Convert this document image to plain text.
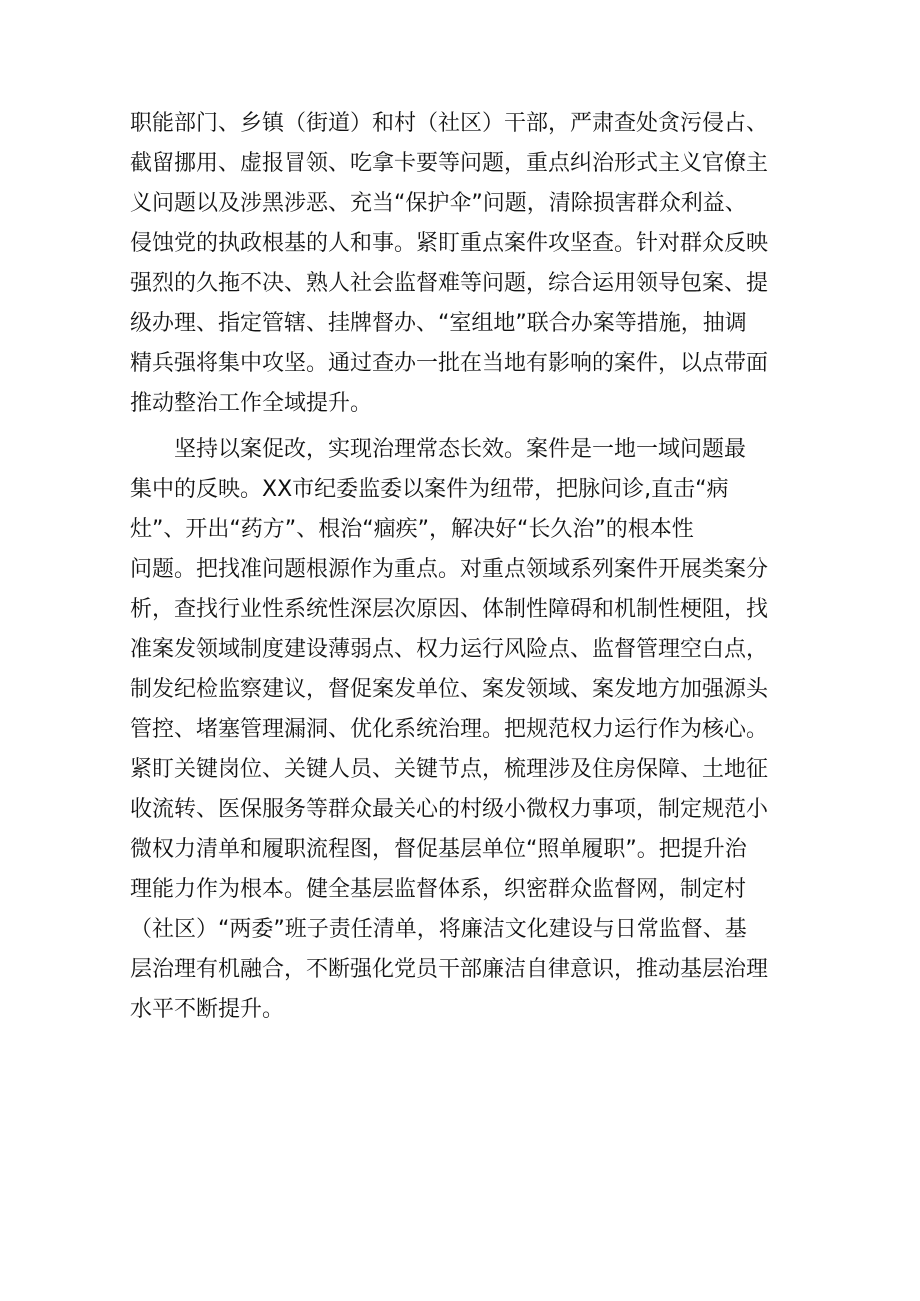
职能部门、乡镇（街道）和村（社区）干部，严肃查处贪污侵占、
截留挪用、虚报冒领、吃拿卡要等问题，重点纠治形式主义官僚主
义问题以及涉黑涉恶、充当“保护伞”问题，清除损害群众利益、
侵蚀党的执政根基的人和事。紧盯重点案件攻坚查。针对群众反映
强烈的久拖不决、熟人社会监督难等问题，综合运用领导包案、提
级办理、指定管辖、挂牌督办、“室组地”联合办案等措施，抽调
精兵强将集中攻坚。通过查办一批在当地有影响的案件，以点带面
推动整治工作全域提升。
　　坚持以案促改，实现治理常态长效。案件是一地一域问题最
集中的反映。XX市纪委监委以案件为纽带，把脉问诊,直击“病
灶”、开出“药方”、根治“痼疾”，解决好“长久治”的根本性
问题。把找准问题根源作为重点。对重点领域系列案件开展类案分
析，查找行业性系统性深层次原因、体制性障碍和机制性梗阻，找
准案发领域制度建设薄弱点、权力运行风险点、监督管理空白点，
制发纪检监察建议，督促案发单位、案发领域、案发地方加强源头
管控、堵塞管理漏洞、优化系统治理。把规范权力运行作为核心。
紧盯关键岗位、关键人员、关键节点，梳理涉及住房保障、土地征
收流转、医保服务等群众最关心的村级小微权力事项，制定规范小
微权力清单和履职流程图，督促基层单位“照单履职”。把提升治
理能力作为根本。健全基层监督体系，织密群众监督网，制定村
（社区）“两委”班子责任清单，将廉洁文化建设与日常监督、基
层治理有机融合，不断强化党员干部廉洁自律意识，推动基层治理
水平不断提升。
